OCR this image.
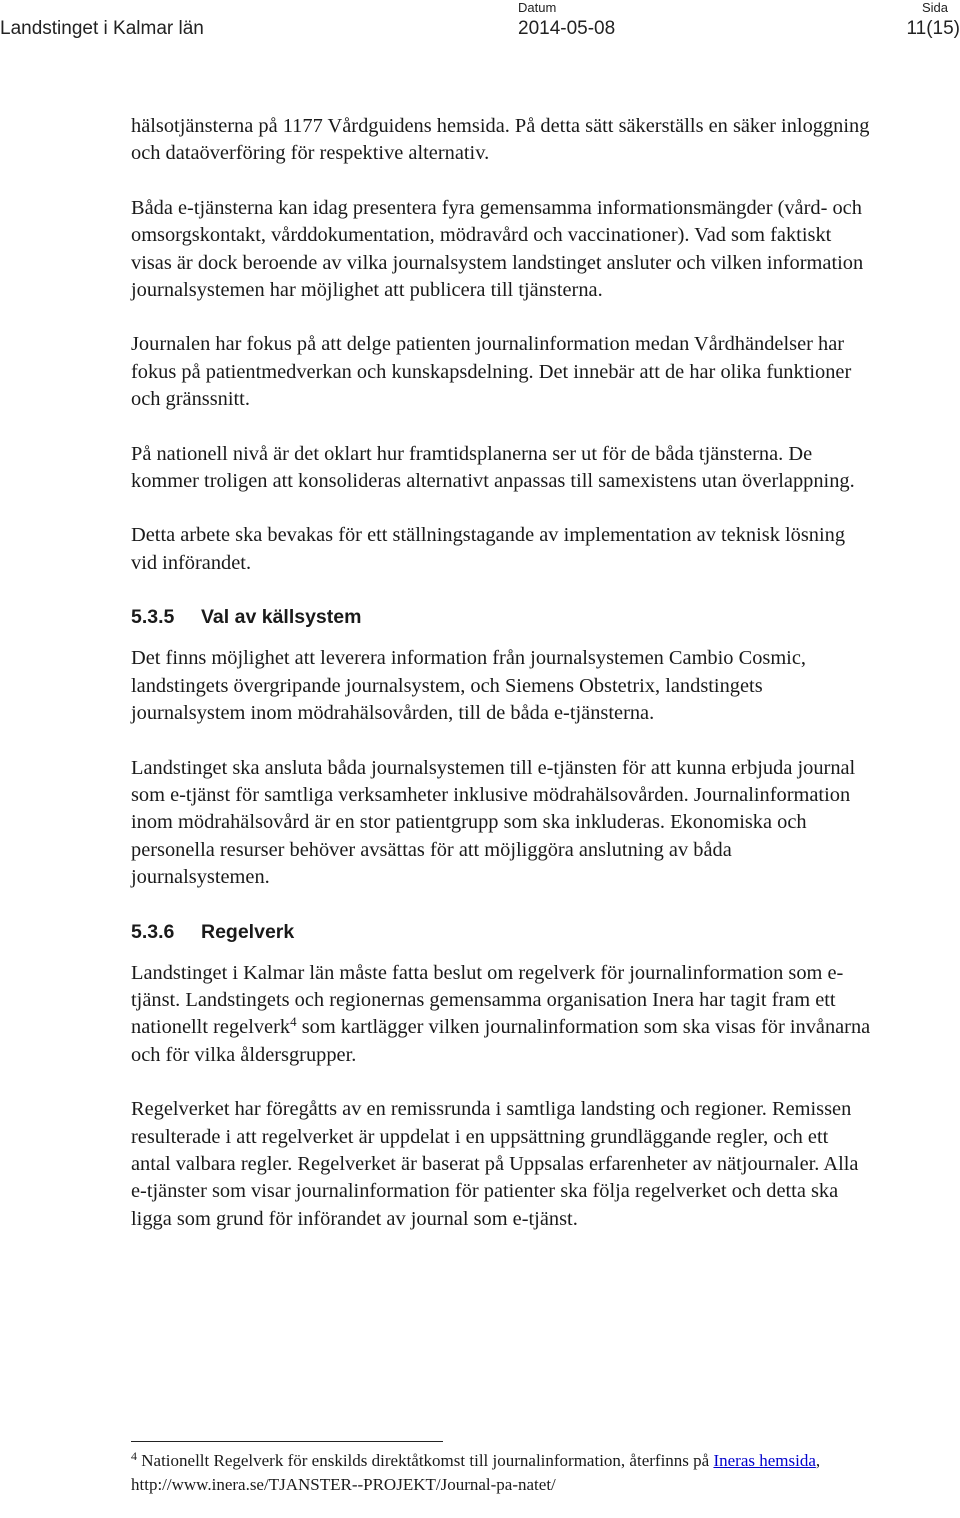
Landstinget i Kalmar län
Datum
2014-05-08
Sida
11(15)

hälsotjänsterna på 1177 Vårdguidens hemsida. På detta sätt säkerställs en säker inloggning och dataöverföring för respektive alternativ.

Båda e-tjänsterna kan idag presentera fyra gemensamma informationsmängder (vård- och omsorgskontakt, vårddokumentation, mödravård och vaccinationer). Vad som faktiskt visas är dock beroende av vilka journalsystem landstinget ansluter och vilken information journalsystemen har möjlighet att publicera till tjänsterna.

Journalen har fokus på att delge patienten journalinformation medan Vårdhändelser har fokus på patientmedverkan och kunskapsdelning. Det innebär att de har olika funktioner och gränssnitt.

På nationell nivå är det oklart hur framtidsplanerna ser ut för de båda tjänsterna. De kommer troligen att konsolideras alternativt anpassas till samexistens utan överlappning.

Detta arbete ska bevakas för ett ställningstagande av implementation av teknisk lösning vid införandet.

5.3.5 Val av källsystem

Det finns möjlighet att leverera information från journalsystemen Cambio Cosmic, landstingets övergripande journalsystem, och Siemens Obstetrix, landstingets journalsystem inom mödrahälsovården, till de båda e-tjänsterna.

Landstinget ska ansluta båda journalsystemen till e-tjänsten för att kunna erbjuda journal som e-tjänst för samtliga verksamheter inklusive mödrahälsovården. Journalinformation inom mödrahälsovård är en stor patientgrupp som ska inkluderas. Ekonomiska och personella resurser behöver avsättas för att möjliggöra anslutning av båda journalsystemen.

5.3.6 Regelverk

Landstinget i Kalmar län måste fatta beslut om regelverk för journalinformation som e-tjänst. Landstingets och regionernas gemensamma organisation Inera har tagit fram ett nationellt regelverk$^4$ som kartlägger vilken journalinformation som ska visas för invånarna och för vilka åldersgrupper.

Regelverket har föregåtts av en remissrunda i samtliga landsting och regioner. Remissen resulterade i att regelverket är uppdelat i en uppsättning grundläggande regler, och ett antal valbara regler. Regelverket är baserat på Uppsalas erfarenheter av nätjournaler. Alla e-tjänster som visar journalinformation för patienter ska följa regelverket och detta ska ligga som grund för införandet av journal som e-tjänst.

$^4$ Nationellt Regelverk för enskilds direktåtkomst till journalinformation, återfinns på Ineras hemsida, http://www.inera.se/TJANSTER--PROJEKT/Journal-pa-natet/
